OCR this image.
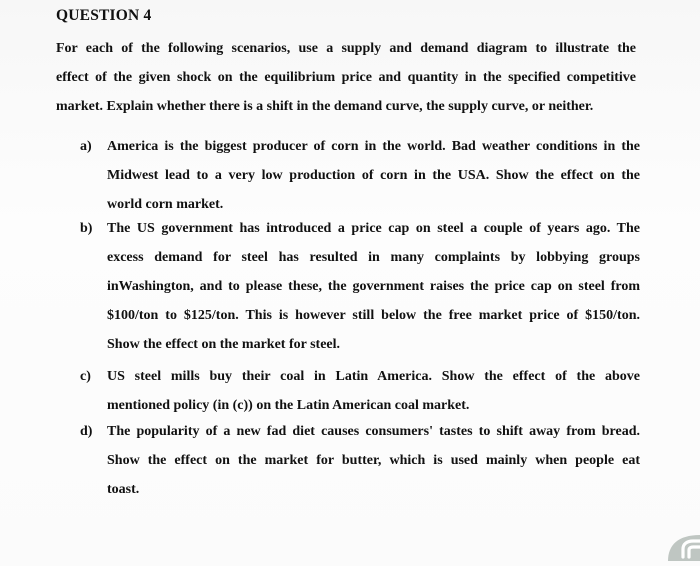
QUESTION 4
For each of the following scenarios, use a supply and demand diagram to illustrate the
effect of the given shock on the equilibrium price and quantity in the specified competitive
market. Explain whether there is a shift in the demand curve, the supply curve, or neither.
a) America is the biggest producer of corn in the world. Bad weather conditions in the
Midwest lead to a very low production of corn in the USA. Show the effect on the
world corn market.
b) The US government has introduced a price cap on steel a couple of years ago. The
excess demand for steel has resulted in many complaints by lobbying groups
inWashington, and to please these, the government raises the price cap on steel from
$100/ton to $125/ton. This is however still below the free market price of $150/ton.
Show the effect on the market for steel.
c) US steel mills buy their coal in Latin America. Show the effect of the above
mentioned policy (in (c)) on the Latin American coal market.
d) The popularity of a new fad diet causes consumers' tastes to shift away from bread.
Show the effect on the market for butter, which is used mainly when people eat
toast.
